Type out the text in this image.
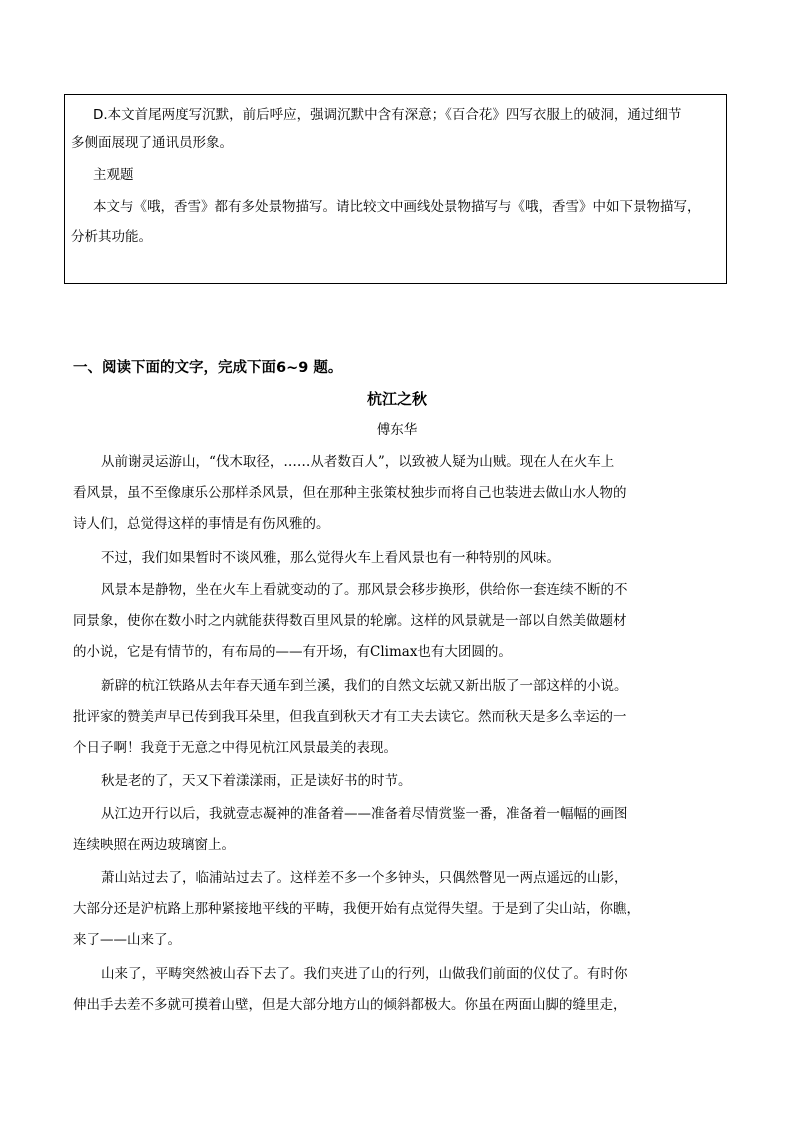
D.本文首尾两度写沉默，前后呼应，强调沉默中含有深意；《百合花》四写衣服上的破洞，通过细节

多侧面展现了通讯员形象。

主观题

本文与《哦，香雪》都有多处景物描写。请比较文中画线处景物描写与《哦，香雪》中如下景物描写，

分析其功能。

一、阅读下面的文字，完成下面6~9 题。

杭江之秋

傅东华

从前谢灵运游山，“伐木取径，……从者数百人”，以致被人疑为山贼。现在人在火车上

看风景，虽不至像康乐公那样杀风景，但在那种主张策杖独步而将自己也装进去做山水人物的

诗人们，总觉得这样的事情是有伤风雅的。

不过，我们如果暂时不谈风雅，那么觉得火车上看风景也有一种特别的风味。

风景本是静物，坐在火车上看就变动的了。那风景会移步换形，供给你一套连续不断的不

同景象，使你在数小时之内就能获得数百里风景的轮廓。这样的风景就是一部以自然美做题材

的小说，它是有情节的，有布局的——有开场，有Climax也有大团圆的。

新辟的杭江铁路从去年春天通车到兰溪，我们的自然文坛就又新出版了一部这样的小说。

批评家的赞美声早已传到我耳朵里，但我直到秋天才有工夫去读它。然而秋天是多么幸运的一

个日子啊！我竟于无意之中得见杭江风景最美的表现。

秋是老的了，天又下着漾漾雨，正是读好书的时节。

从江边开行以后，我就壹志凝神的准备着——准备着尽情赏鉴一番，准备着一幅幅的画图

连续映照在两边玻璃窗上。

萧山站过去了，临浦站过去了。这样差不多一个多钟头，只偶然瞥见一两点遥远的山影，

大部分还是沪杭路上那种紧接地平线的平畴，我便开始有点觉得失望。于是到了尖山站，你瞧，

来了——山来了。

山来了，平畴突然被山吞下去了。我们夹进了山的行列，山做我们前面的仪仗了。有时你

伸出手去差不多就可摸着山壁，但是大部分地方山的倾斜都极大。你虽在两面山脚的缝里走，
